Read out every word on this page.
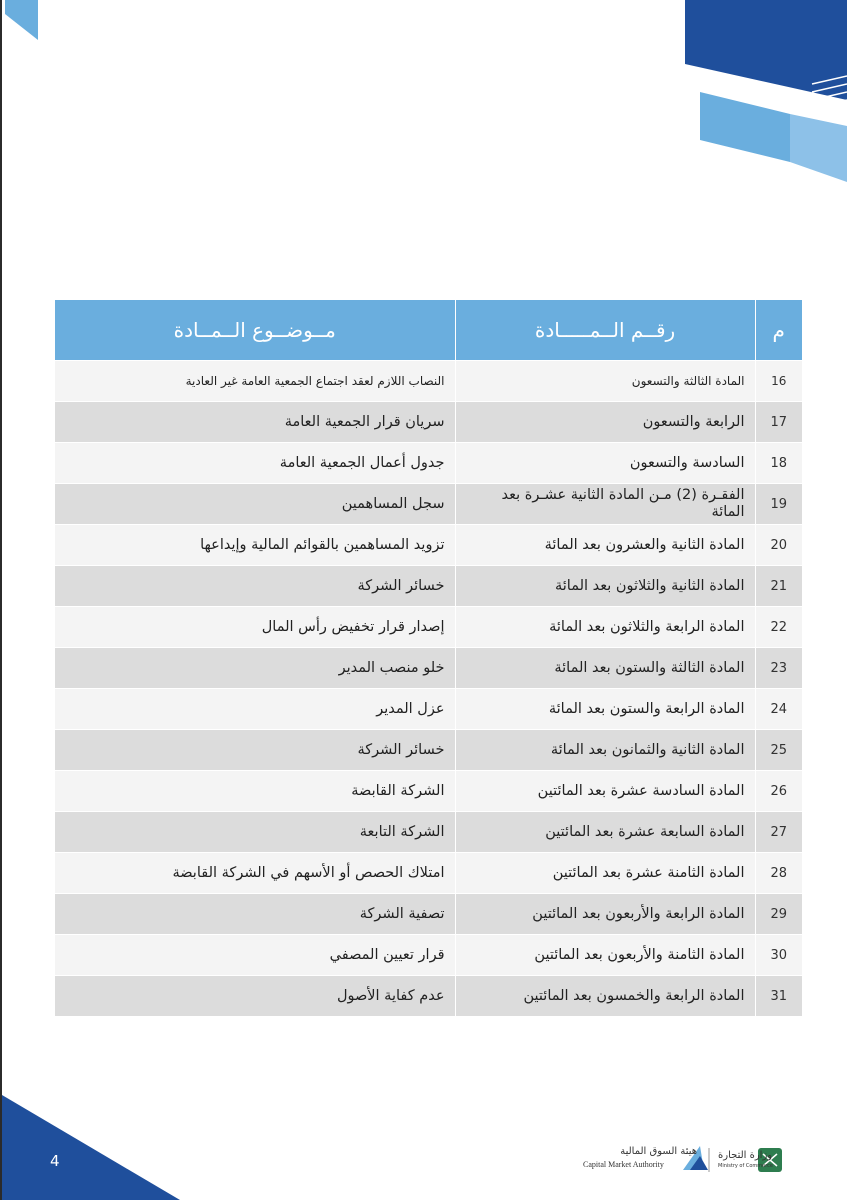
م	رقــم الــمـــــادة	مــوضــوع الــمــادة
16	المادة الثالثة والتسعون	النصاب اللازم لعقد اجتماع الجمعية العامة غير العادية
17	الرابعة والتسعون	سريان قرار الجمعية العامة
18	السادسة والتسعون	جدول أعمال الجمعية العامة
19	الفقـرة (2) مـن المادة الثانية عشـرة بعد المائة	سجل المساهمين
20	المادة الثانية والعشرون بعد المائة	تزويد المساهمين بالقوائم المالية وإيداعها
21	المادة الثانية والثلاثون بعد المائة	خسائر الشركة
22	المادة الرابعة والثلاثون بعد المائة	إصدار قرار تخفيض رأس المال
23	المادة الثالثة والستون بعد المائة	خلو منصب المدير
24	المادة الرابعة والستون بعد المائة	عزل المدير
25	المادة الثانية والثمانون بعد المائة	خسائر الشركة
26	المادة السادسة عشرة بعد المائتين	الشركة القابضة
27	المادة السابعة عشرة بعد المائتين	الشركة التابعة
28	المادة الثامنة عشرة بعد المائتين	امتلاك الحصص أو الأسهم في الشركة القابضة
29	المادة الرابعة والأربعون بعد المائتين	تصفية الشركة
30	المادة الثامنة والأربعون بعد المائتين	قرار تعيين المصفي
31	المادة الرابعة والخمسون بعد المائتين	عدم كفاية الأصول
4
هيئة السوق المالية
Capital Market Authority
وزارة التجارة
Ministry of Commerce
